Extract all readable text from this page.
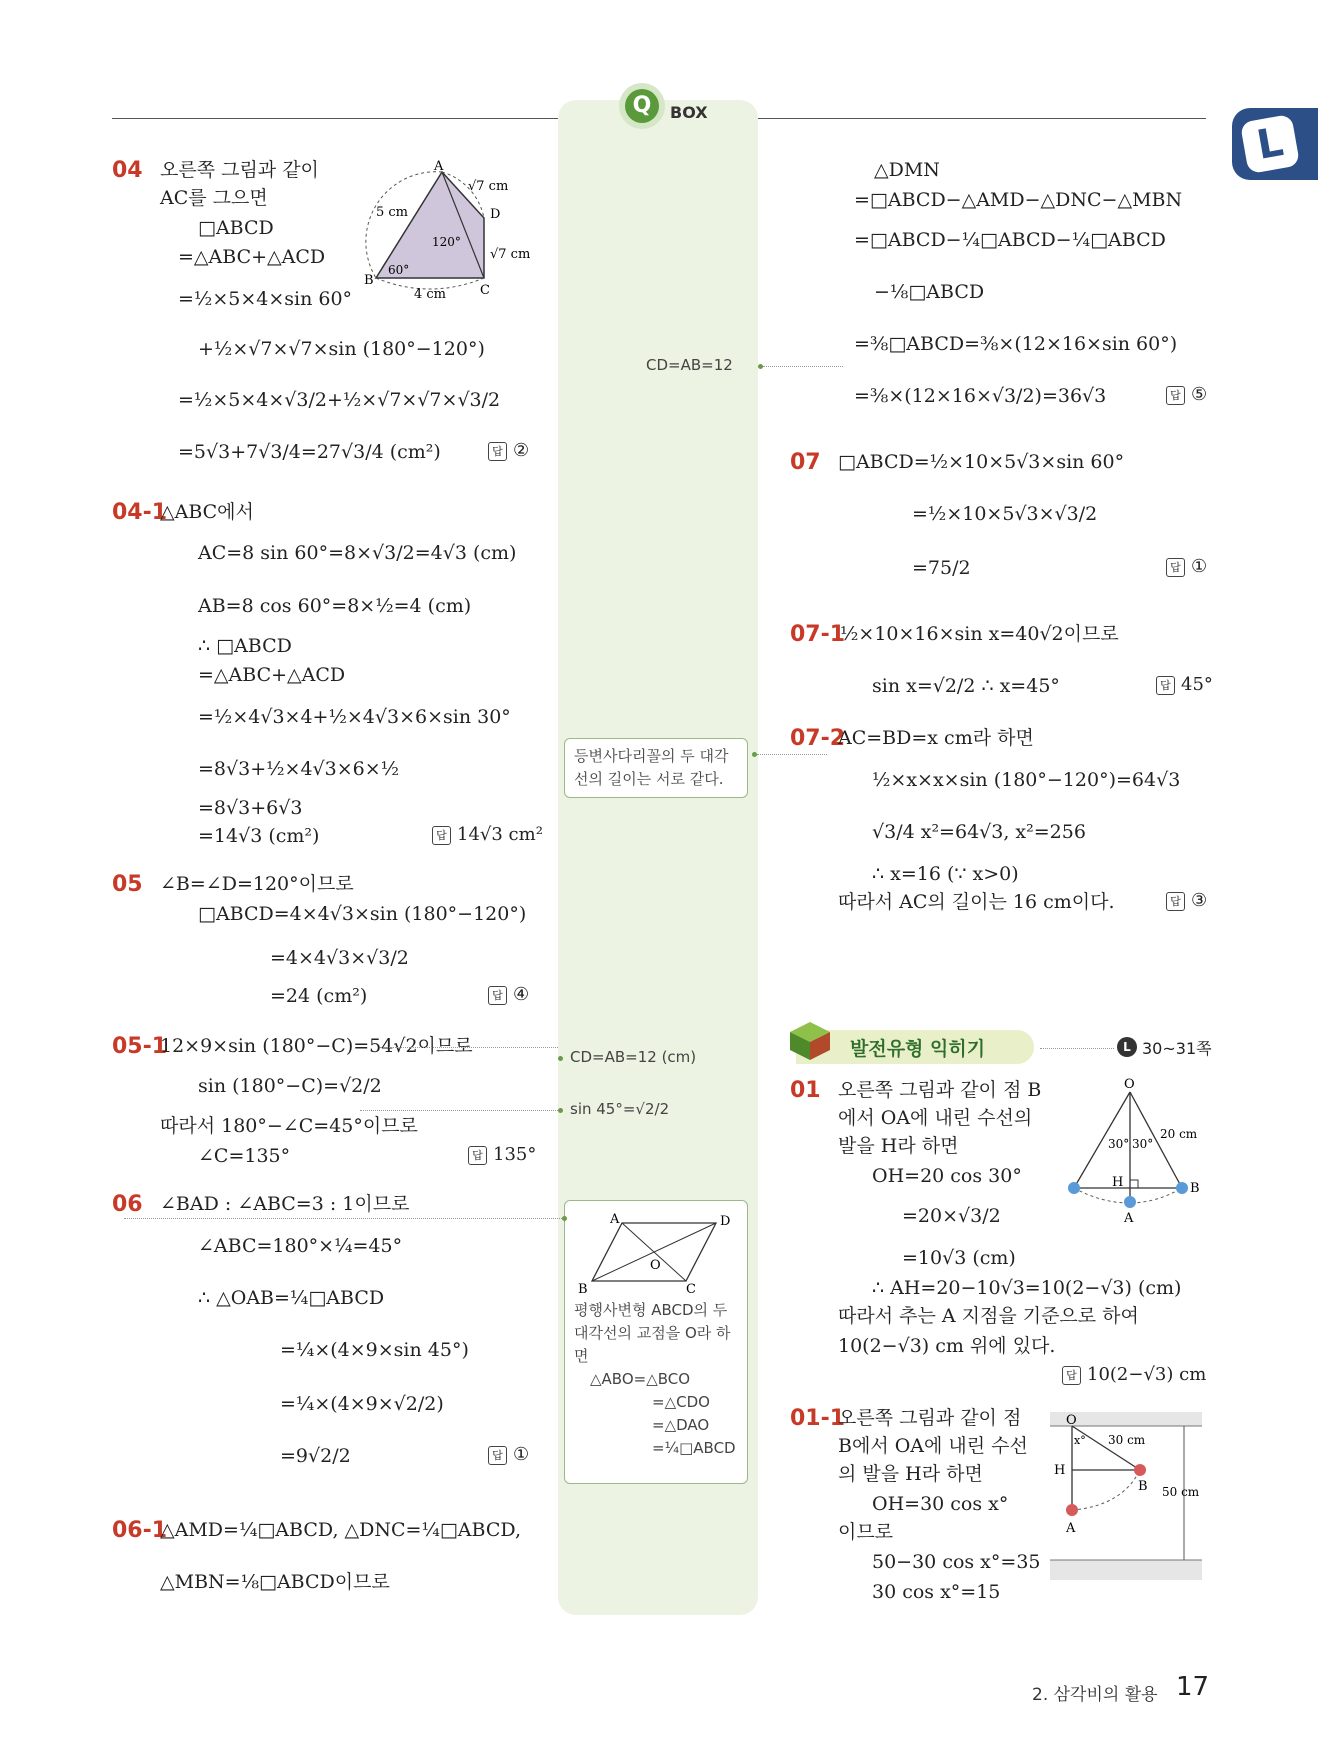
Q	BOX
L
04 오른쪽 그림과 같이
AC를 그으면
□ABCD
=△ABC+△ACD
=½×5×4×sin 60°
+½×√7×√7×sin (180°−120°)
=½×5×4×√3/2+½×√7×√7×√3/2
=5√3+7√3/4=27√3/4 (cm²)	답 ②
A
B
C
D
5 cm
√7 cm
√7 cm
4 cm
120°
60°
04-1
△ABC에서
AC=8 sin 60°=8×√3/2=4√3 (cm)
AB=8 cos 60°=8×½=4 (cm)
∴ □ABCD
=△ABC+△ACD
=½×4√3×4+½×4√3×6×sin 30°
=8√3+½×4√3×6×½
=8√3+6√3
=14√3 (cm²)	답 14√3 cm²
05 ∠B=∠D=120°이므로
□ABCD=4×4√3×sin (180°−120°)
=4×4√3×√3/2
=24 (cm²)	답 ④
05-1
12×9×sin (180°−C)=54√2이므로
sin (180°−C)=√2/2
따라서 180°−∠C=45°이므로
∠C=135°	답 135°
06 ∠BAD : ∠ABC=3 : 1이므로
∠ABC=180°×¼=45°
∴ △OAB=¼□ABCD
=¼×(4×9×sin 45°)
=¼×(4×9×√2/2)
=9√2/2	답 ①
06-1
△AMD=¼□ABCD, △DNC=¼□ABCD,
△MBN=⅛□ABCD이므로
CD=AB=12
등변사다리꼴의 두 대각선의 길이는 서로 같다.
CD=AB=12 (cm)
sin 45°=√2/2
A
B	C
D
O
평행사변형 ABCD의 두 대각선의 교점을 O라 하면
△ABO=△BCO
=△CDO
=△DAO
=¼□ABCD
△DMN
=□ABCD−△AMD−△DNC−△MBN
=□ABCD−¼□ABCD−¼□ABCD
−⅛□ABCD
=⅜□ABCD=⅜×(12×16×sin 60°)
=⅜×(12×16×√3/2)=36√3	답 ⑤
07 □ABCD=½×10×5√3×sin 60°
=½×10×5√3×√3/2
=75/2	답 ①
07-1
½×10×16×sin x=40√2이므로
sin x=√2/2 ∴ x=45°	답 45°
07-2
AC=BD=x cm라 하면
½×x×x×sin (180°−120°)=64√3
√3/4 x²=64√3, x²=256
∴ x=16 (∵ x>0)
따라서 AC의 길이는 16 cm이다.	답 ③
발전유형 익히기	L 30~31쪽
01 오른쪽 그림과 같이 점 B
에서 OA에 내린 수선의
발을 H라 하면
OH=20 cos 30°
=20×√3/2
=10√3 (cm)
∴ AH=20−10√3=10(2−√3) (cm)
따라서 추는 A 지점을 기준으로 하여
10(2−√3) cm 위에 있다.
답 10(2−√3) cm
O
H
A
B
30° 30°
20 cm
01-1
오른쪽 그림과 같이 점
B에서 OA에 내린 수선
의 발을 H라 하면
OH=30 cos x°
이므로
50−30 cos x°=35
30 cos x°=15
O
x°
H
B
A
30 cm
50 cm
2. 삼각비의 활용 17
